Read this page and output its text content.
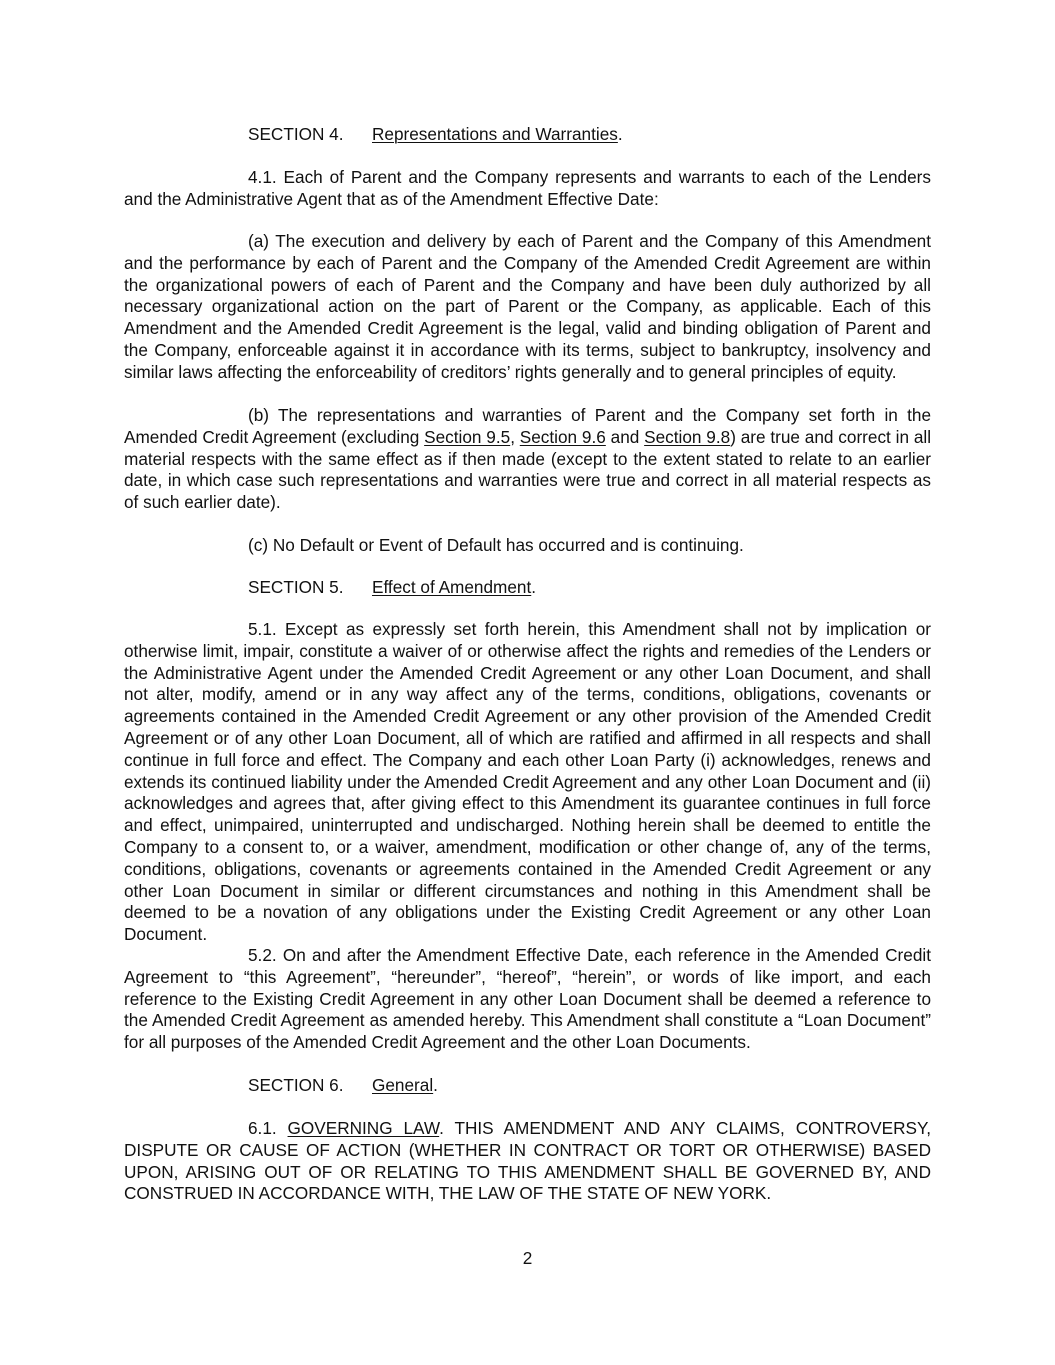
SECTION 4. Representations and Warranties.

4.1. Each of Parent and the Company represents and warrants to each of the Lenders and the Administrative Agent that as of the Amendment Effective Date:

(a) The execution and delivery by each of Parent and the Company of this Amendment and the performance by each of Parent and the Company of the Amended Credit Agreement are within the organizational powers of each of Parent and the Company and have been duly authorized by all necessary organizational action on the part of Parent or the Company, as applicable. Each of this Amendment and the Amended Credit Agreement is the legal, valid and binding obligation of Parent and the Company, enforceable against it in accordance with its terms, subject to bankruptcy, insolvency and similar laws affecting the enforceability of creditors’ rights generally and to general principles of equity.

(b) The representations and warranties of Parent and the Company set forth in the Amended Credit Agreement (excluding Section 9.5, Section 9.6 and Section 9.8) are true and correct in all material respects with the same effect as if then made (except to the extent stated to relate to an earlier date, in which case such representations and warranties were true and correct in all material respects as of such earlier date).

(c) No Default or Event of Default has occurred and is continuing.
SECTION 5. Effect of Amendment.

5.1. Except as expressly set forth herein, this Amendment shall not by implication or otherwise limit, impair, constitute a waiver of or otherwise affect the rights and remedies of the Lenders or the Administrative Agent under the Amended Credit Agreement or any other Loan Document, and shall not alter, modify, amend or in any way affect any of the terms, conditions, obligations, covenants or agreements contained in the Amended Credit Agreement or any other provision of the Amended Credit Agreement or of any other Loan Document, all of which are ratified and affirmed in all respects and shall continue in full force and effect. The Company and each other Loan Party (i) acknowledges, renews and extends its continued liability under the Amended Credit Agreement and any other Loan Document and (ii) acknowledges and agrees that, after giving effect to this Amendment its guarantee continues in full force and effect, unimpaired, uninterrupted and undischarged. Nothing herein shall be deemed to entitle the Company to a consent to, or a waiver, amendment, modification or other change of, any of the terms, conditions, obligations, covenants or agreements contained in the Amended Credit Agreement or any other Loan Document in similar or different circumstances and nothing in this Amendment shall be deemed to be a novation of any obligations under the Existing Credit Agreement or any other Loan Document.

5.2. On and after the Amendment Effective Date, each reference in the Amended Credit Agreement to “this Agreement”, “hereunder”, “hereof”, “herein”, or words of like import, and each reference to the Existing Credit Agreement in any other Loan Document shall be deemed a reference to the Amended Credit Agreement as amended hereby. This Amendment shall constitute a “Loan Document” for all purposes of the Amended Credit Agreement and the other Loan Documents.

SECTION 6. General.

6.1. GOVERNING LAW. THIS AMENDMENT AND ANY CLAIMS, CONTROVERSY, DISPUTE OR CAUSE OF ACTION (WHETHER IN CONTRACT OR TORT OR OTHERWISE) BASED UPON, ARISING OUT OF OR RELATING TO THIS AMENDMENT SHALL BE GOVERNED BY, AND CONSTRUED IN ACCORDANCE WITH, THE LAW OF THE STATE OF NEW YORK.

2
